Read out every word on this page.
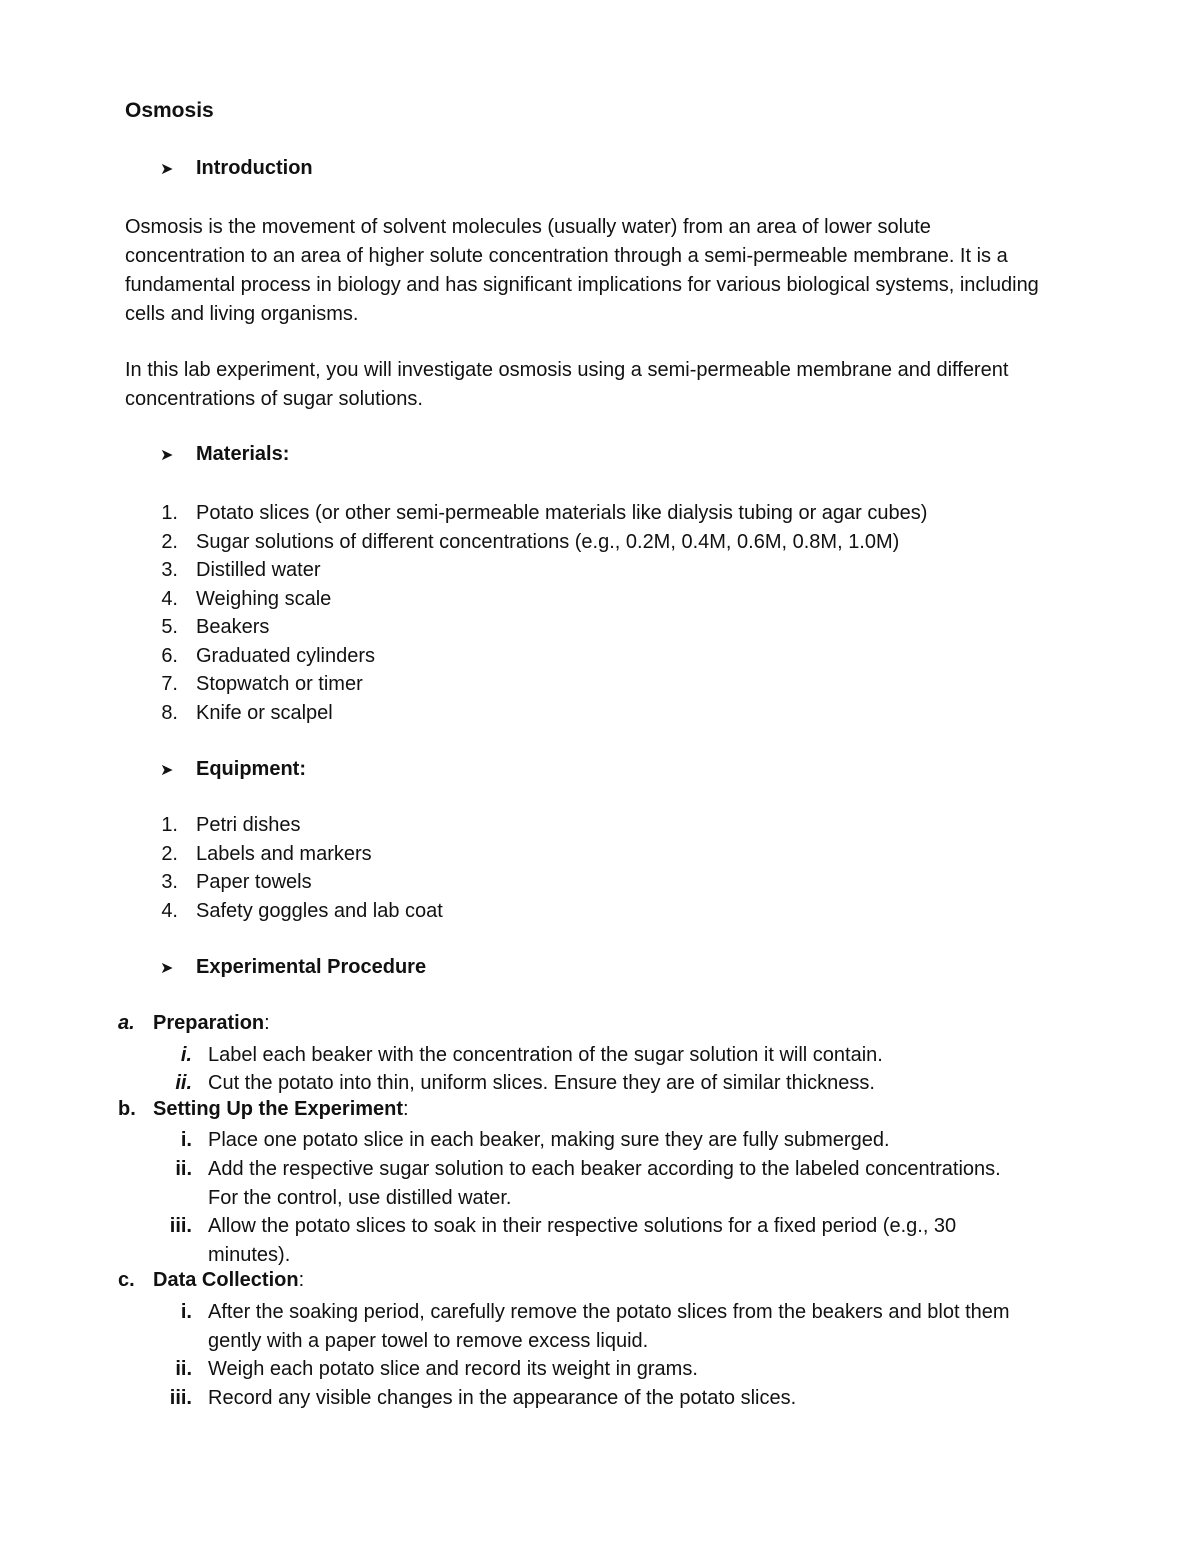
Osmosis
➤ Introduction

Osmosis is the movement of solvent molecules (usually water) from an area of lower solute concentration to an area of higher solute concentration through a semi-permeable membrane. It is a fundamental process in biology and has significant implications for various biological systems, including cells and living organisms.

In this lab experiment, you will investigate osmosis using a semi-permeable membrane and different concentrations of sugar solutions.

➤ Materials:
1. Potato slices (or other semi-permeable materials like dialysis tubing or agar cubes)
2. Sugar solutions of different concentrations (e.g., 0.2M, 0.4M, 0.6M, 0.8M, 1.0M)
3. Distilled water
4. Weighing scale
5. Beakers
6. Graduated cylinders
7. Stopwatch or timer
8. Knife or scalpel
➤ Equipment:
1. Petri dishes
2. Labels and markers
3. Paper towels
4. Safety goggles and lab coat
➤ Experimental Procedure

a. Preparation:

i. Label each beaker with the concentration of the sugar solution it will contain.

ii. Cut the potato into thin, uniform slices. Ensure they are of similar thickness.

b. Setting Up the Experiment:

i. Place one potato slice in each beaker, making sure they are fully submerged.

ii. Add the respective sugar solution to each beaker according to the labeled concentrations. For the control, use distilled water.

iii. Allow the potato slices to soak in their respective solutions for a fixed period (e.g., 30 minutes).

c. Data Collection:

i. After the soaking period, carefully remove the potato slices from the beakers and blot them gently with a paper towel to remove excess liquid.

ii. Weigh each potato slice and record its weight in grams.

iii. Record any visible changes in the appearance of the potato slices.
